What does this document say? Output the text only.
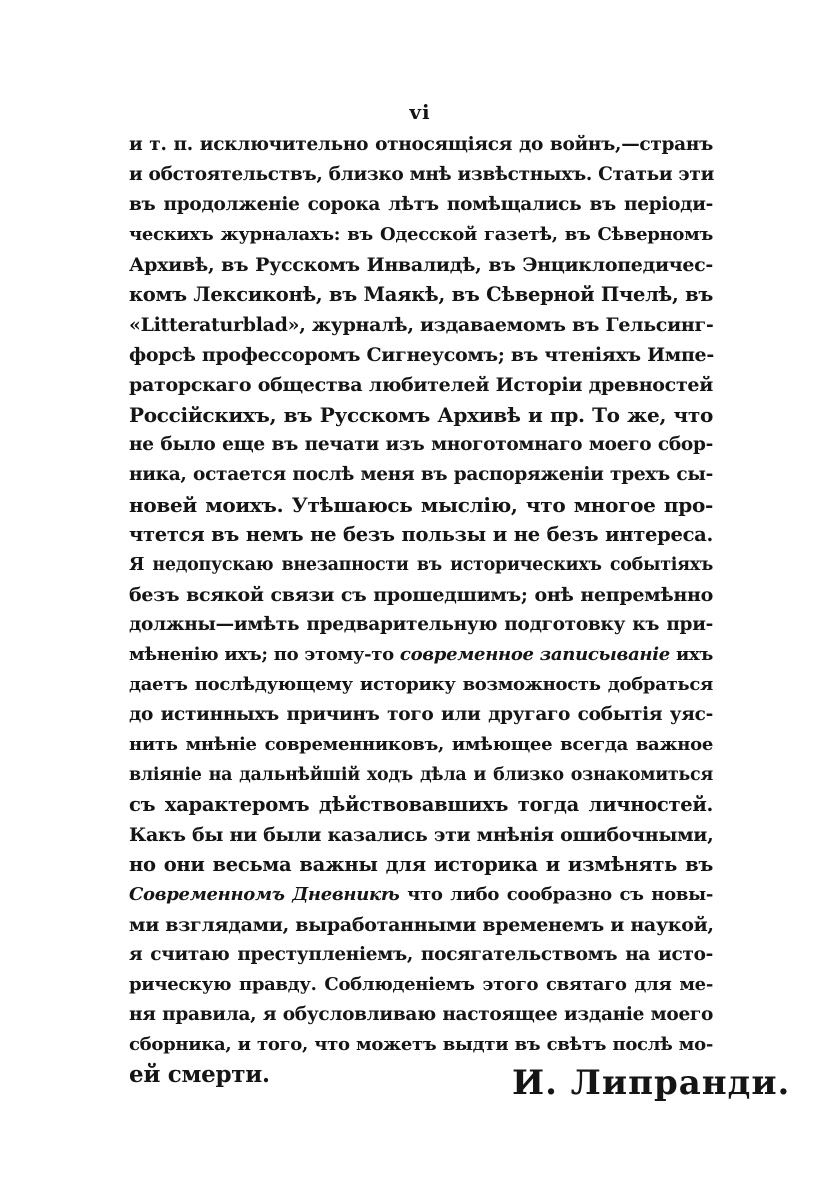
vi
и т. п. исключительно относящiяся до войнъ,—странъ
и обстоятельствъ, близко мнѣ извѣстныхъ. Статьи эти
въ продолженiе сорока лѣтъ помѣщались въ перiоди-
ческихъ журналахъ: въ Одесской газетѣ, въ Сѣверномъ
Архивѣ, въ Русскомъ Инвалидѣ, въ Энциклопедичес-
комъ Лексиконѣ, въ Маякѣ, въ Сѣверной Пчелѣ, въ
«Litteraturblad», журналѣ, издаваемомъ въ Гельсинг-
форсѣ профессоромъ Сигнеусомъ; въ чтенiяхъ Импе-
раторскаго общества любителей Исторiи древностей
Россiйскихъ, въ Русскомъ Архивѣ и пр. То же, что
не было еще въ печати изъ многотомнаго моего сбор-
ника, остается послѣ меня въ распоряженiи трехъ сы-
новей моихъ. Утѣшаюсь мыслiю, что многое про-
чтется въ немъ не безъ пользы и не безъ интереса.
Я недопускаю внезапности въ историческихъ событiяхъ
безъ всякой связи съ прошедшимъ; онѣ непремѣнно
должны—имѣть предварительную подготовку къ при-
мѣненiю ихъ; по этому-то современное записыванiе ихъ
даетъ послѣдующему историку возможность добраться
до истинныхъ причинъ того или другаго событiя уяс-
нить мнѣнiе современниковъ, имѣющее всегда важное
влiянiе на дальнѣйшiй ходъ дѣла и близко ознакомиться
съ характеромъ дѣйствовавшихъ тогда личностей.
Какъ бы ни были казались эти мнѣнiя ошибочными,
но они весьма важны для историка и измѣнять въ
Современномъ Дневникѣ что либо сообразно съ новы-
ми взглядами, выработанными временемъ и наукой,
я считаю преступленiемъ, посягательствомъ на исто-
рическую правду. Соблюденiемъ этого святаго для ме-
ня правила, я обусловливаю настоящее изданiе моего
сборника, и того, что можетъ выдти въ свѣтъ послѣ мо-
ей смерти.	И. Липранди.
